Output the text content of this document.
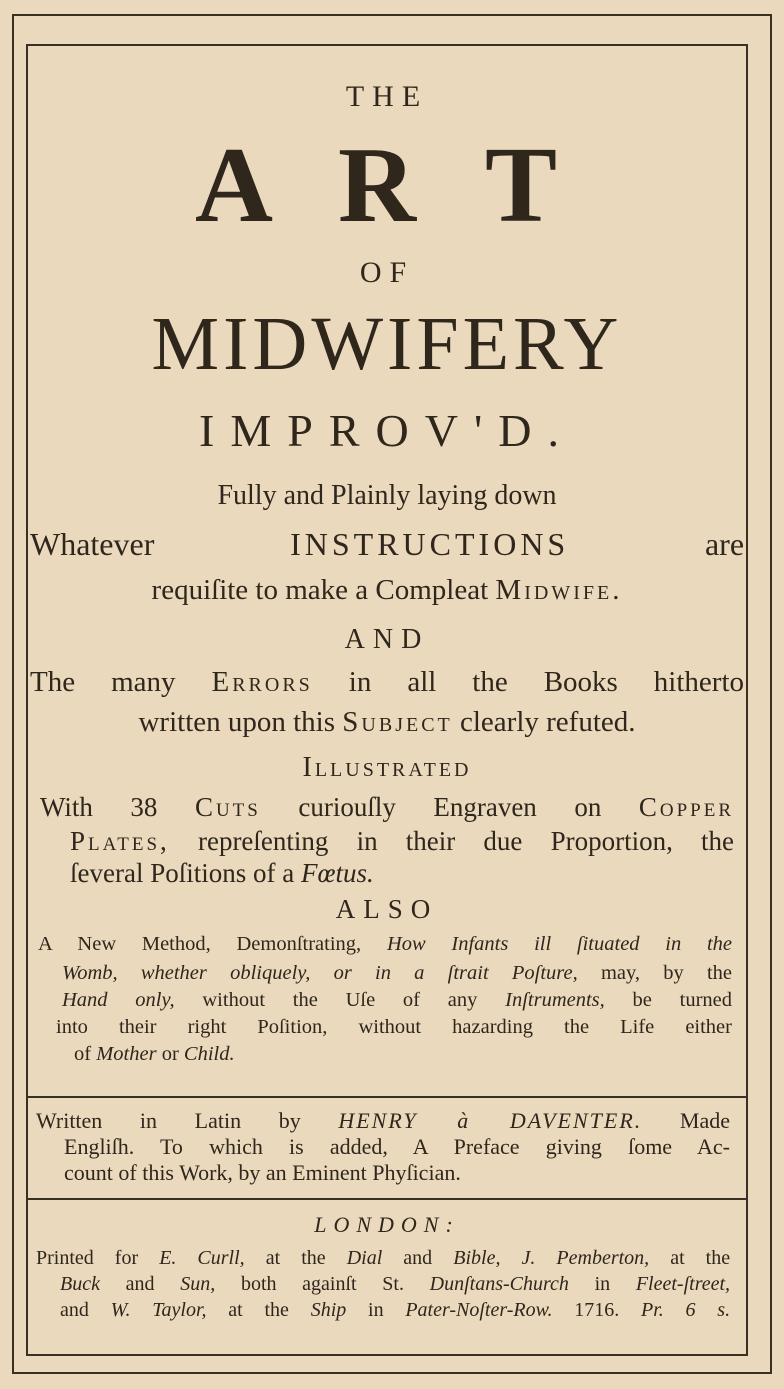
THE
A R T
OF
MIDWIFERY
IMPROV'D.
Fully and Plainly laying down
Whatever	INSTRUCTIONS	are
requiſite to make a Compleat Midwife.
AND
The many Errors in all the Books hitherto
written upon this Subject clearly refuted.
Illustrated
With 38 Cuts curiouſly Engraven on Copper
Plates, repreſenting in their due Proportion, the
ſeveral Poſitions of a Fœtus.
ALSO
A New Method, Demonſtrating, How Infants ill ſituated in the
Womb, whether obliquely, or in a ſtrait Poſture, may, by the
Hand only, without the Uſe of any Inſtruments, be turned
into their right Poſition, without hazarding the Life either
of Mother or Child.
Written in Latin by HENRY à DAVENTER. Made
Engliſh. To which is added, A Preface giving ſome Ac-
count of this Work, by an Eminent Phyſician.
LONDON:
Printed for E. Curll, at the Dial and Bible, J. Pemberton, at the
Buck and Sun, both againſt St. Dunſtans-Church in Fleet-ſtreet,
and W. Taylor, at the Ship in Pater-Noſter-Row. 1716. Pr. 6 s.
